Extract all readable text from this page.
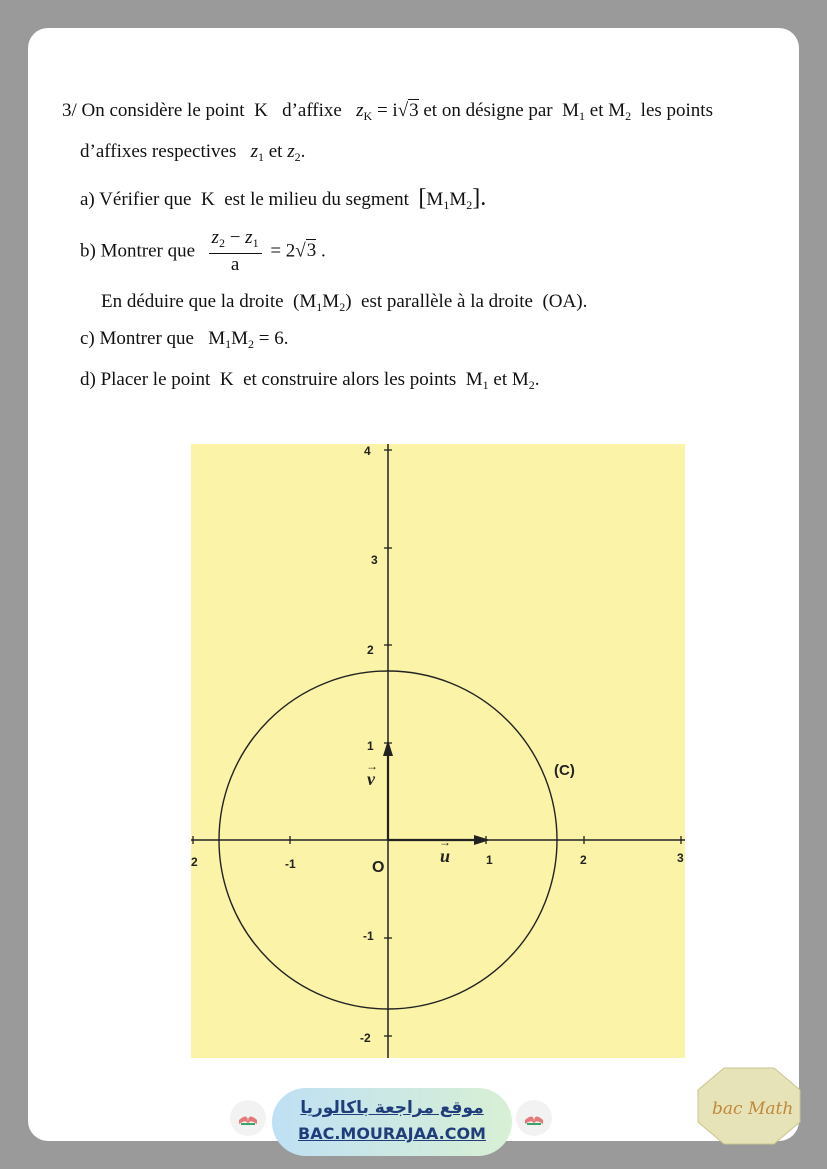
3/ On considère le point K d’affixe $z_K = i√3$ et on désigne par $M_1$ et $M_2$ les points
d’affixes respectives $z_1$ et $z_2$.
a) Vérifier que K est le milieu du segment $[M_1M_2]$.
b) Montrer que $\frac{z_2 - z_1}{a} = 2√3$ .
En déduire que la droite $(M_1M_2)$ est parallèle à la droite (OA).
c) Montrer que $M_1M_2 = 6$.
d) Placer le point K et construire alors les points $M_1$ et $M_2$.
2	-1	1	2	3
4
3
2
1
-1
-2
O
u
→
v
→	(C)
موقع مراجعة باكالوريا
BAC.MOURAJAA.COM
bac Math
